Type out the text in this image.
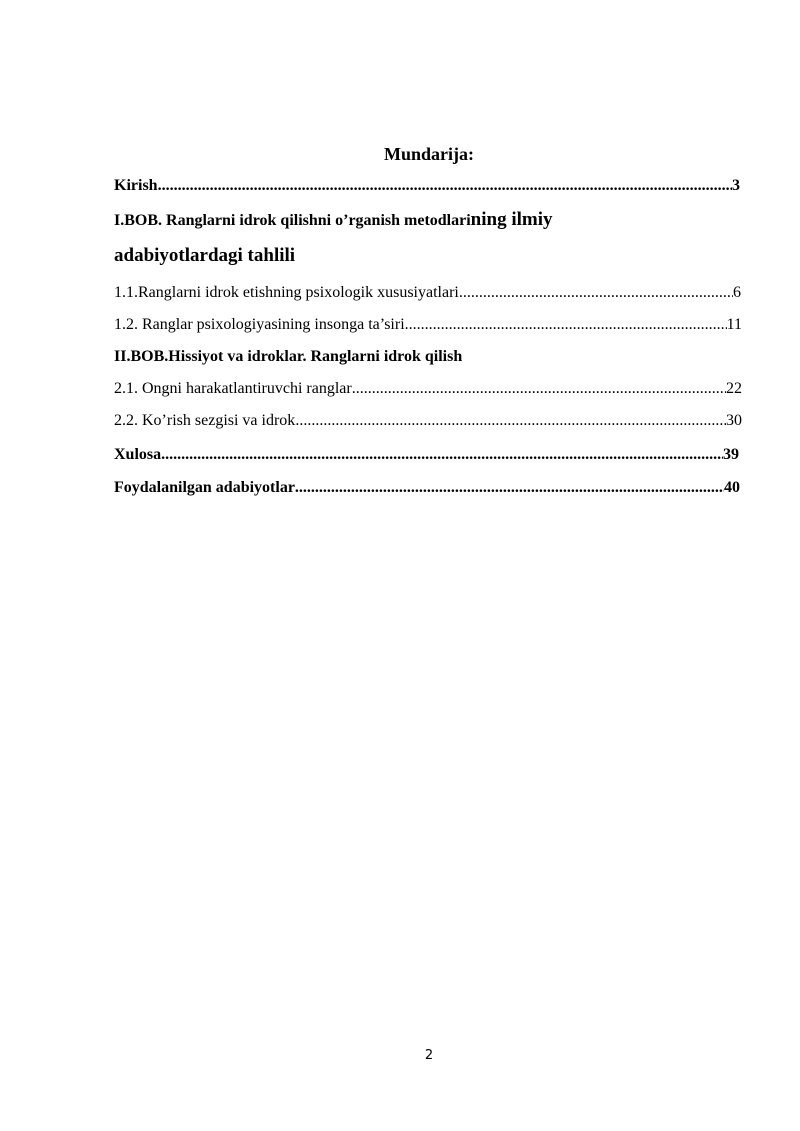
Mundarija:
Kirish .....	3
I.BOB. Ranglarni idrok qilishni o’rganish metodlarining ilmiy
adabiyotlardagi tahlili
1.1.Ranglarni idrok etishning psixologik xususiyatlari .....	6
1.2. Ranglar psixologiyasining insonga ta’siri .....	11
II.BOB.Hissiyot va idroklar. Ranglarni idrok qilish
2.1. Ongni harakatlantiruvchi ranglar .....	22
2.2. Ko’rish sezgisi va idrok .....	30
Xulosa .....	39
Foydalanilgan adabiyotlar .....	40
2
